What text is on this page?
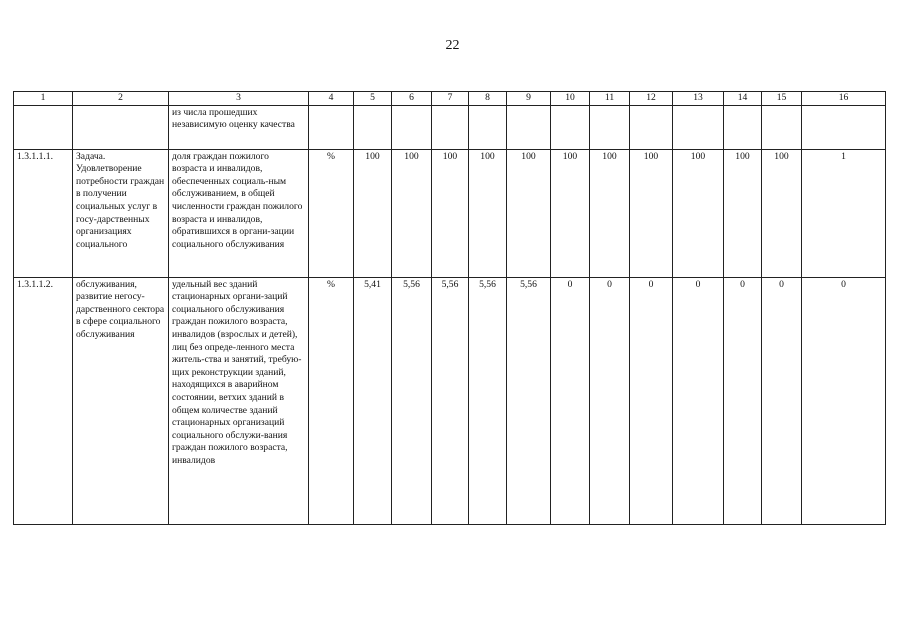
22
1	2	3	4	5	6	7	8	9	10	11	12	13	14	15	16
		из числа прошедших независимую оценку качества													
1.3.1.1.1.	Задача. Удовлетворение потребности граждан в получении социальных услуг в госу-дарственных организациях социального	доля граждан пожилого возраста и инвалидов, обеспеченных социаль-ным обслуживанием, в общей численности граждан пожилого возраста и инвалидов, обратившихся в органи-зации социального обслуживания	%	100	100	100	100	100	100	100	100	100	100	100	1
1.3.1.1.2.	обслуживания, развитие негосу-дарственного сектора в сфере социального обслуживания	удельный вес зданий стационарных органи-заций социального обслуживания граждан пожилого возраста, инвалидов (взрослых и детей), лиц без опреде-ленного места житель-ства и занятий, требую-щих реконструкции зданий, находящихся в аварийном состоянии, ветхих зданий в общем количестве зданий стационарных организаций социального обслужи-вания граждан пожилого возраста, инвалидов	%	5,41	5,56	5,56	5,56	5,56	0	0	0	0	0	0	0
